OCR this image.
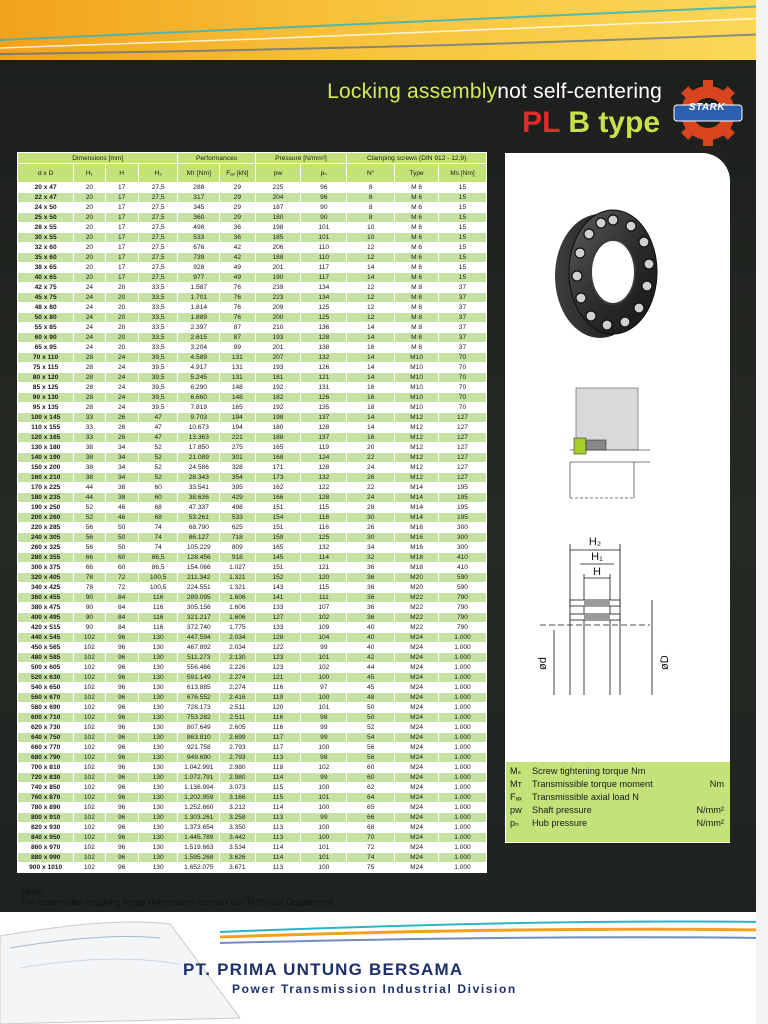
Locking assemblynot self-centering
PL B type	STARK
Dimensions [mm]				Performances		Pressure [N/mm²]		Clamping screws (DIN 912 - 12,9)		
d x D	H₁	H	H₂	Mт [Nm]	Fₐₓ [kN]	pw	pₙ	N°	Type	Ms [Nm]
20 x 47	20	17	27,5	288	29	225	96	8	M 6	15
22 x 47	20	17	27,5	317	29	204	96	8	M 6	15
24 x 50	20	17	27,5	345	29	187	90	8	M 6	15
25 x 50	20	17	27,5	360	29	180	90	8	M 6	15
28 x 55	20	17	27,5	498	36	198	101	10	M 6	15
30 x 55	20	17	27,5	533	36	185	101	10	M 6	15
32 x 60	20	17	27,5	676	42	206	110	12	M 6	15
35 x 60	20	17	27,5	739	42	188	110	12	M 6	15
38 x 65	20	17	27,5	928	49	201	117	14	M 6	15
40 x 65	20	17	27,5	977	49	190	117	14	M 6	15
42 x 75	24	20	33,5	1.587	76	239	134	12	M 8	37
45 x 75	24	20	33,5	1.701	76	223	134	12	M 8	37
48 x 80	24	20	33,5	1.814	76	209	125	12	M 8	37
50 x 80	24	20	33,5	1.889	76	200	125	12	M 8	37
55 x 85	24	20	33,5	2.397	87	210	136	14	M 8	37
60 x 90	24	20	33,5	2.615	87	193	128	14	M 8	37
65 x 95	24	20	33,5	3.204	99	201	138	16	M 8	37
70 x 110	28	24	39,5	4.589	131	207	132	14	M10	70
75 x 115	28	24	39,5	4.917	131	193	126	14	M10	70
80 x 120	28	24	39,5	5.245	131	181	121	14	M10	70
85 x 125	28	24	39,5	6.290	148	192	131	16	M10	70
90 x 130	28	24	39,5	6.660	148	182	126	16	M10	70
95 x 135	28	24	39,5	7.819	165	192	135	18	M10	70
100 x 145	33	26	47	9.703	194	198	137	14	M12	127
110 x 155	33	26	47	10.673	194	180	128	14	M12	127
120 x 165	33	26	47	13.363	221	188	137	16	M12	127
130 x 180	38	34	52	17.850	275	165	119	20	M12	127
140 x 190	38	34	52	21.089	301	168	124	22	M12	127
150 x 200	38	34	52	24.586	328	171	128	24	M12	127
160 x 210	38	34	52	28.343	354	173	132	26	M12	127
170 x 225	44	38	60	33.541	395	162	122	22	M14	195
180 x 235	44	38	60	38.636	429	166	128	24	M14	195
190 x 250	52	46	68	47.337	498	151	115	28	M14	195
200 x 260	52	46	68	53.261	533	154	118	30	M14	195
220 x 285	56	50	74	68.790	625	151	116	26	M16	300
240 x 305	56	50	74	86.127	718	159	125	30	M16	300
260 x 325	56	50	74	105.229	809	165	132	34	M16	300
280 x 355	66	60	86,5	128.456	918	145	114	32	M18	410
300 x 375	66	60	86,5	154.066	1.027	151	121	36	M18	410
320 x 405	78	72	100,5	211.342	1.321	152	120	36	M20	590
340 x 425	78	72	100,5	224.551	1.321	143	115	36	M20	590
360 x 455	90	84	116	289.095	1.606	141	111	36	M22	790
380 x 475	90	84	116	305.156	1.606	133	107	36	M22	790
400 x 495	90	84	116	321.217	1.606	127	102	36	M22	790
420 x 515	90	84	116	372.740	1.775	133	109	40	M22	790
440 x 545	102	96	130	447.594	2.034	128	104	40	M24	1.000
450 x 565	102	96	130	467.892	2.034	122	99	40	M24	1.000
480 x 585	102	96	130	511.273	2.130	123	101	42	M24	1.000
500 x 605	102	96	130	556.466	2.226	123	102	44	M24	1.000
520 x 630	102	96	130	591.149	2.274	121	100	45	M24	1.000
540 x 650	102	96	130	613.885	2.274	116	97	45	M24	1.000
560 x 670	102	96	130	676.552	2.416	119	100	48	M24	1.000
580 x 690	102	96	130	728.173	2.511	120	101	50	M24	1.000
600 x 710	102	96	130	753.282	2.511	116	98	50	M24	1.000
620 x 730	102	96	130	807.649	2.605	116	99	52	M24	1.000
640 x 750	102	96	130	863.810	2.699	117	99	54	M24	1.000
660 x 770	102	96	130	921.758	2.793	117	100	56	M24	1.000
680 x 790	102	96	130	949.690	2.793	113	98	56	M24	1.000
700 x 810	102	96	130	1.042.991	2.980	118	102	60	M24	1.000
720 x 830	102	96	130	1.072.791	2.980	114	99	60	M24	1.000
740 x 850	102	96	130	1.136.994	3.073	115	100	62	M24	1.000
760 x 870	102	96	130	1.202.959	3.166	115	101	64	M24	1.000
780 x 890	102	96	130	1.252.660	3.212	114	100	65	M24	1.000
800 x 910	102	96	130	1.303.261	3.258	113	99	66	M24	1.000
820 x 930	102	96	130	1.373.654	3.350	113	100	68	M24	1.000
840 x 950	102	96	130	1.445.789	3.442	113	100	70	M24	1.000
860 x 970	102	96	130	1.519.663	3.534	114	101	72	M24	1.000
880 x 990	102	96	130	1.595.268	3.626	114	101	74	M24	1.000
900 x 1010	102	96	130	1.652.075	3.671	113	100	75	M24	1.000
H₂
H₁
H
ød	øD
Mₛ	Screw tightening torque Nm
Mт	Transmissible torque moment	Nm
Fₐₓ	Transmissible axial load N
pw	Shaft pressure	N/mm²
pₙ	Hub pressure	N/mm²
Note:
For assemblies requiring larger dimensions, contact our Technical Department.
PT. PRIMA UNTUNG BERSAMA
Power Transmission Industrial Division
